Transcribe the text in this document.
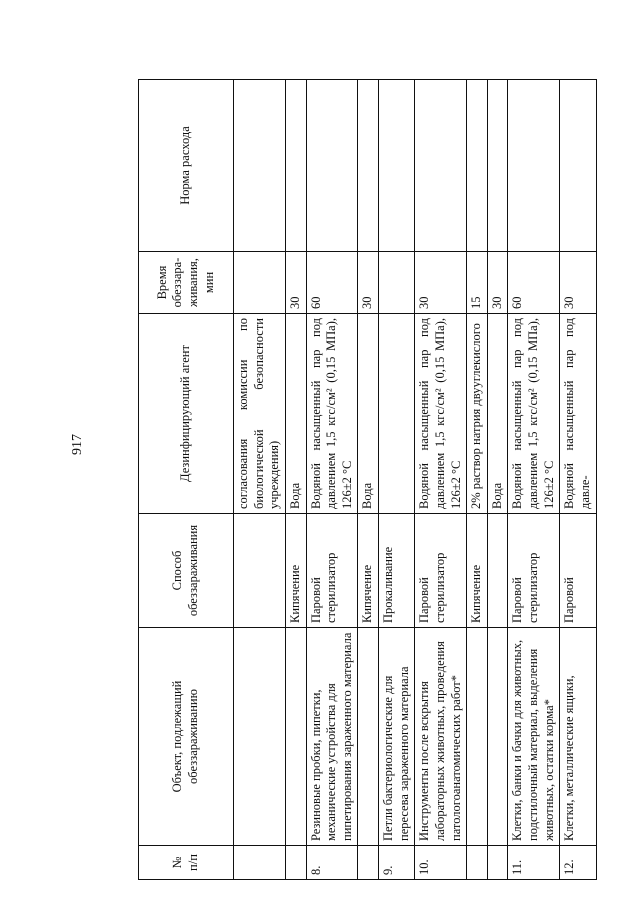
917
№ п/п	Объект, подлежащий обеззараживанию	Способ обеззараживания	Дезинфицирующий агент	Время обеззара-живания, мин	Норма расхода
			согласования комиссии по биологической безопасности учреждения)		
		Кипячение	Вода	30	
8.	Резиновые пробки, пипетки, механические устройства для пипетирования зараженного материала	Паровой стерилизатор	Водяной насыщенный пар под давлением 1,5 кгс/см² (0,15 МПа), 126±2 °C	60	
		Кипячение	Вода	30	
9.	Петли бактериологические для пересева зараженного материала	Прокаливание			
10.	Инструменты после вскрытия лабораторных животных, проведения патологоанатомических работ*	Паровой стерилизатор	Водяной насыщенный пар под давлением 1,5 кгс/см² (0,15 МПа), 126±2 °C	30	
		Кипячение	2% раствор натрия двууглекислого	15	
			Вода	30	
11.	Клетки, банки и бачки для животных, подстилочный материал, выделения животных, остатки корма*	Паровой стерилизатор	Водяной насыщенный пар под давлением 1,5 кгс/см² (0,15 МПа), 126±2 °C	60	
12.	Клетки, металлические ящики,	Паровой	Водяной насыщенный пар под давле-	30	
